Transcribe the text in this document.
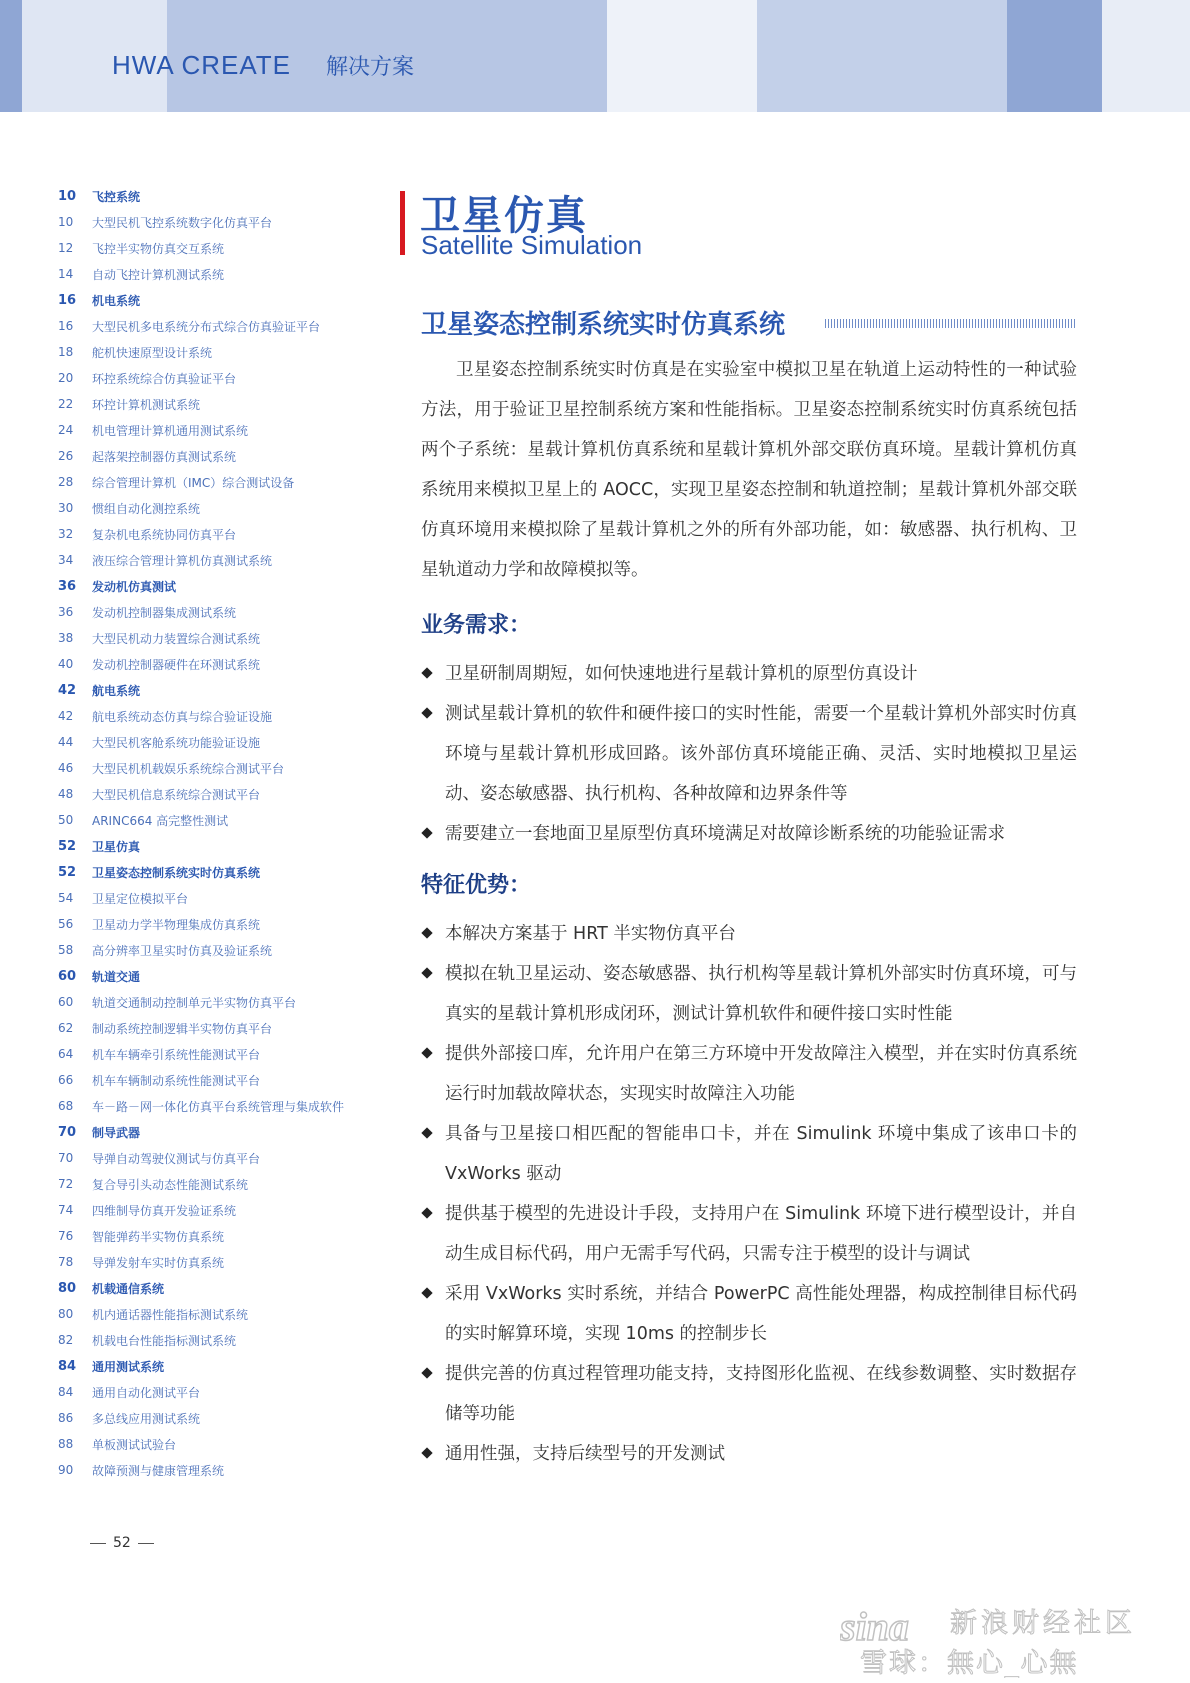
HWA CREATE 解决方案
10	飞控系统
10	大型民机飞控系统数字化仿真平台
12	飞控半实物仿真交互系统
14	自动飞控计算机测试系统
16	机电系统
16	大型民机多电系统分布式综合仿真验证平台
18	舵机快速原型设计系统
20	环控系统综合仿真验证平台
22	环控计算机测试系统
24	机电管理计算机通用测试系统
26	起落架控制器仿真测试系统
28	综合管理计算机（IMC）综合测试设备
30	惯组自动化测控系统
32	复杂机电系统协同仿真平台
34	液压综合管理计算机仿真测试系统
36	发动机仿真测试
36	发动机控制器集成测试系统
38	大型民机动力装置综合测试系统
40	发动机控制器硬件在环测试系统
42	航电系统
42	航电系统动态仿真与综合验证设施
44	大型民机客舱系统功能验证设施
46	大型民机机载娱乐系统综合测试平台
48	大型民机信息系统综合测试平台
50	ARINC664 高完整性测试
52	卫星仿真
52	卫星姿态控制系统实时仿真系统
54	卫星定位模拟平台
56	卫星动力学半物理集成仿真系统
58	高分辨率卫星实时仿真及验证系统
60	轨道交通
60	轨道交通制动控制单元半实物仿真平台
62	制动系统控制逻辑半实物仿真平台
64	机车车辆牵引系统性能测试平台
66	机车车辆制动系统性能测试平台
68	车－路－网一体化仿真平台系统管理与集成软件
70	制导武器
70	导弹自动驾驶仪测试与仿真平台
72	复合导引头动态性能测试系统
74	四维制导仿真开发验证系统
76	智能弹药半实物仿真系统
78	导弹发射车实时仿真系统
80	机载通信系统
80	机内通话器性能指标测试系统
82	机载电台性能指标测试系统
84	通用测试系统
84	通用自动化测试平台
86	多总线应用测试系统
88	单板测试试验台
90	故障预测与健康管理系统
52
卫星仿真
Satellite Simulation
卫星姿态控制系统实时仿真系统

卫星姿态控制系统实时仿真是在实验室中模拟卫星在轨道上运动特性的一种试验方法，用于验证卫星控制系统方案和性能指标。卫星姿态控制系统实时仿真系统包括两个子系统：星载计算机仿真系统和星载计算机外部交联仿真环境。星载计算机仿真系统用来模拟卫星上的 AOCC，实现卫星姿态控制和轨道控制；星载计算机外部交联仿真环境用来模拟除了星载计算机之外的所有外部功能，如：敏感器、执行机构、卫星轨道动力学和故障模拟等。

业务需求：
卫星研制周期短，如何快速地进行星载计算机的原型仿真设计
测试星载计算机的软件和硬件接口的实时性能，需要一个星载计算机外部实时仿真环境与星载计算机形成回路。该外部仿真环境能正确、灵活、实时地模拟卫星运动、姿态敏感器、执行机构、各种故障和边界条件等
需要建立一套地面卫星原型仿真环境满足对故障诊断系统的功能验证需求
特征优势：
本解决方案基于 HRT 半实物仿真平台
模拟在轨卫星运动、姿态敏感器、执行机构等星载计算机外部实时仿真环境，可与真实的星载计算机形成闭环，测试计算机软件和硬件接口实时性能
提供外部接口库，允许用户在第三方环境中开发故障注入模型，并在实时仿真系统运行时加载故障状态，实现实时故障注入功能
具备与卫星接口相匹配的智能串口卡，并在 Simulink 环境中集成了该串口卡的 VxWorks 驱动
提供基于模型的先进设计手段，支持用户在 Simulink 环境下进行模型设计，并自动生成目标代码，用户无需手写代码，只需专注于模型的设计与调试
采用 VxWorks 实时系统，并结合 PowerPC 高性能处理器，构成控制律目标代码的实时解算环境，实现 10ms 的控制步长
提供完善的仿真过程管理功能支持，支持图形化监视、在线参数调整、实时数据存储等功能
通用性强，支持后续型号的开发测试
sina 新浪财经社区
雪球：無心_心無
